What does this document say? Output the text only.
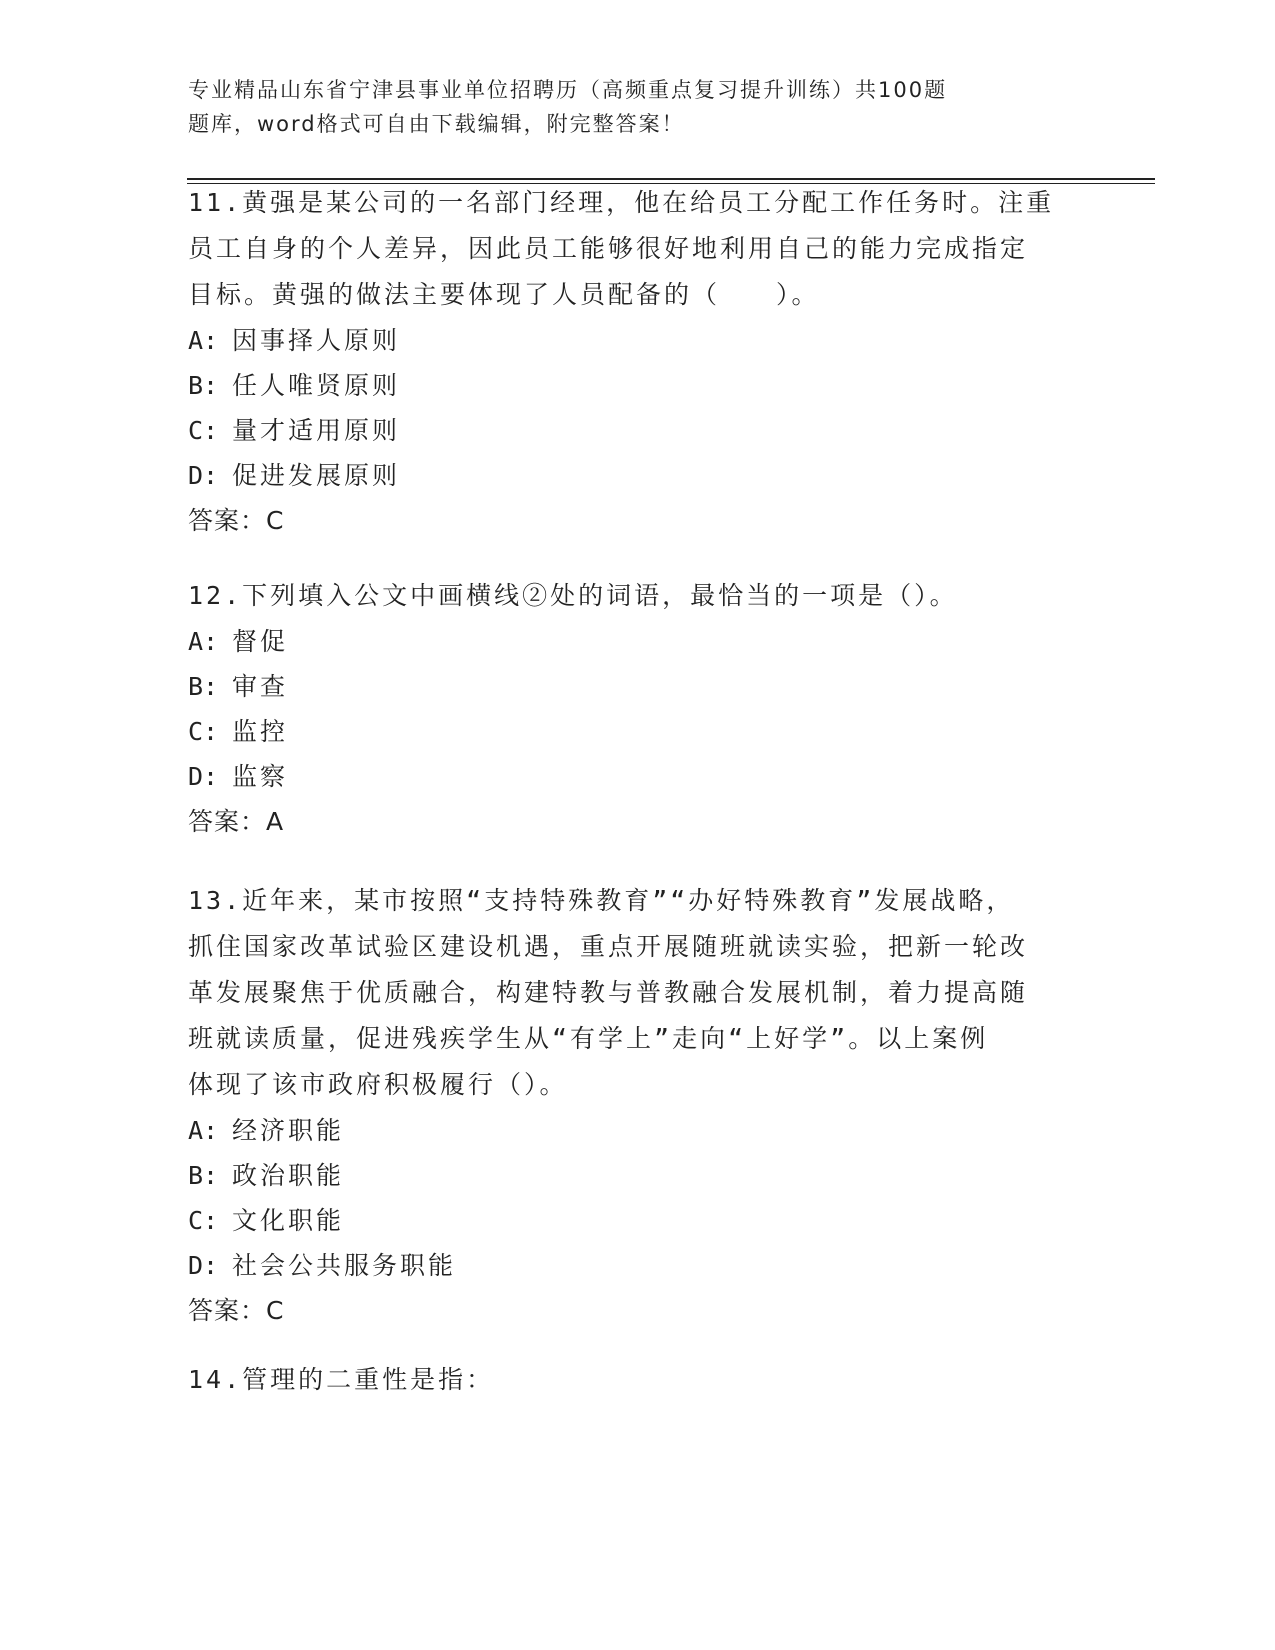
专业精品山东省宁津县事业单位招聘历（高频重点复习提升训练）共100题
题库，word格式可自由下载编辑，附完整答案！
11.黄强是某公司的一名部门经理，他在给员工分配工作任务时。注重
员工自身的个人差异，因此员工能够很好地利用自己的能力完成指定
目标。黄强的做法主要体现了人员配备的（　　）。
A: 因事择人原则
B: 任人唯贤原则
C: 量才适用原则
D: 促进发展原则
答案：C
12.下列填入公文中画横线②处的词语，最恰当的一项是（）。
A: 督促
B: 审查
C: 监控
D: 监察
答案：A
13.近年来，某市按照“支持特殊教育”“办好特殊教育”发展战略，
抓住国家改革试验区建设机遇，重点开展随班就读实验，把新一轮改
革发展聚焦于优质融合，构建特教与普教融合发展机制，着力提高随
班就读质量，促进残疾学生从“有学上”走向“上好学”。以上案例
体现了该市政府积极履行（）。
A: 经济职能
B: 政治职能
C: 文化职能
D: 社会公共服务职能
答案：C
14.管理的二重性是指：
